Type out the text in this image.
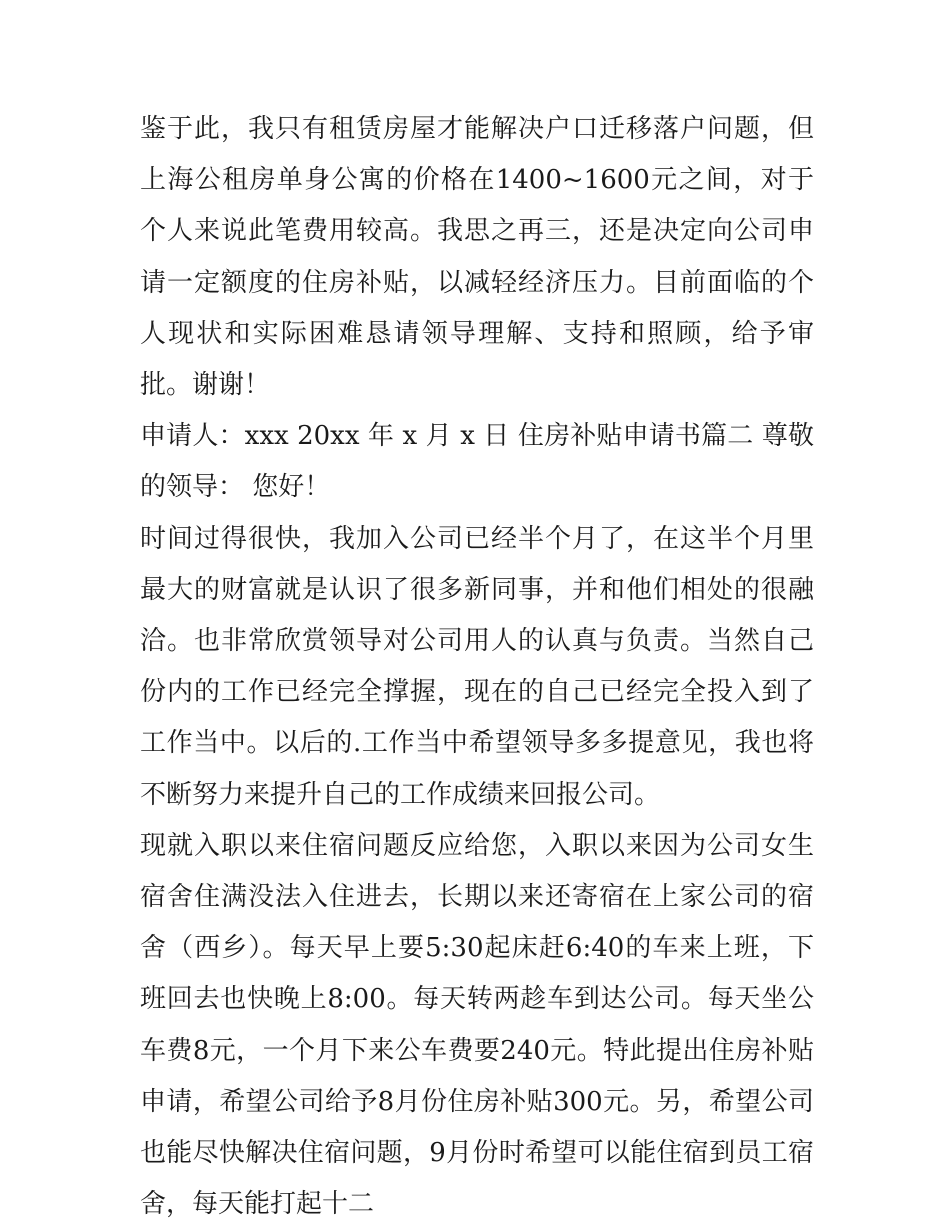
鉴于此，我只有租赁房屋才能解决户口迁移落户问题，但上海公租房单身公寓的价格在1400~1600元之间，对于个人来说此笔费用较高。我思之再三，还是决定向公司申请一定额度的住房补贴，以减轻经济压力。目前面临的个人现状和实际困难恳请领导理解、支持和照顾，给予审批。谢谢！

申请人：xxx 20xx 年 x 月 x 日 住房补贴申请书篇二 尊敬的领导： 您好！

时间过得很快，我加入公司已经半个月了，在这半个月里最大的财富就是认识了很多新同事，并和他们相处的很融洽。也非常欣赏领导对公司用人的认真与负责。当然自己份内的工作已经完全撑握，现在的自己已经完全投入到了工作当中。以后的.工作当中希望领导多多提意见，我也将不断努力来提升自己的工作成绩来回报公司。

现就入职以来住宿问题反应给您，入职以来因为公司女生宿舍住满没法入住进去，长期以来还寄宿在上家公司的宿舍（西乡）。每天早上要5:30起床赶6:40的车来上班，下班回去也快晚上8:00。每天转两趁车到达公司。每天坐公车费8元，一个月下来公车费要240元。特此提出住房补贴申请，希望公司给予8月份住房补贴300元。另，希望公司也能尽快解决住宿问题，9月份时希望可以能住宿到员工宿舍，每天能打起十二
